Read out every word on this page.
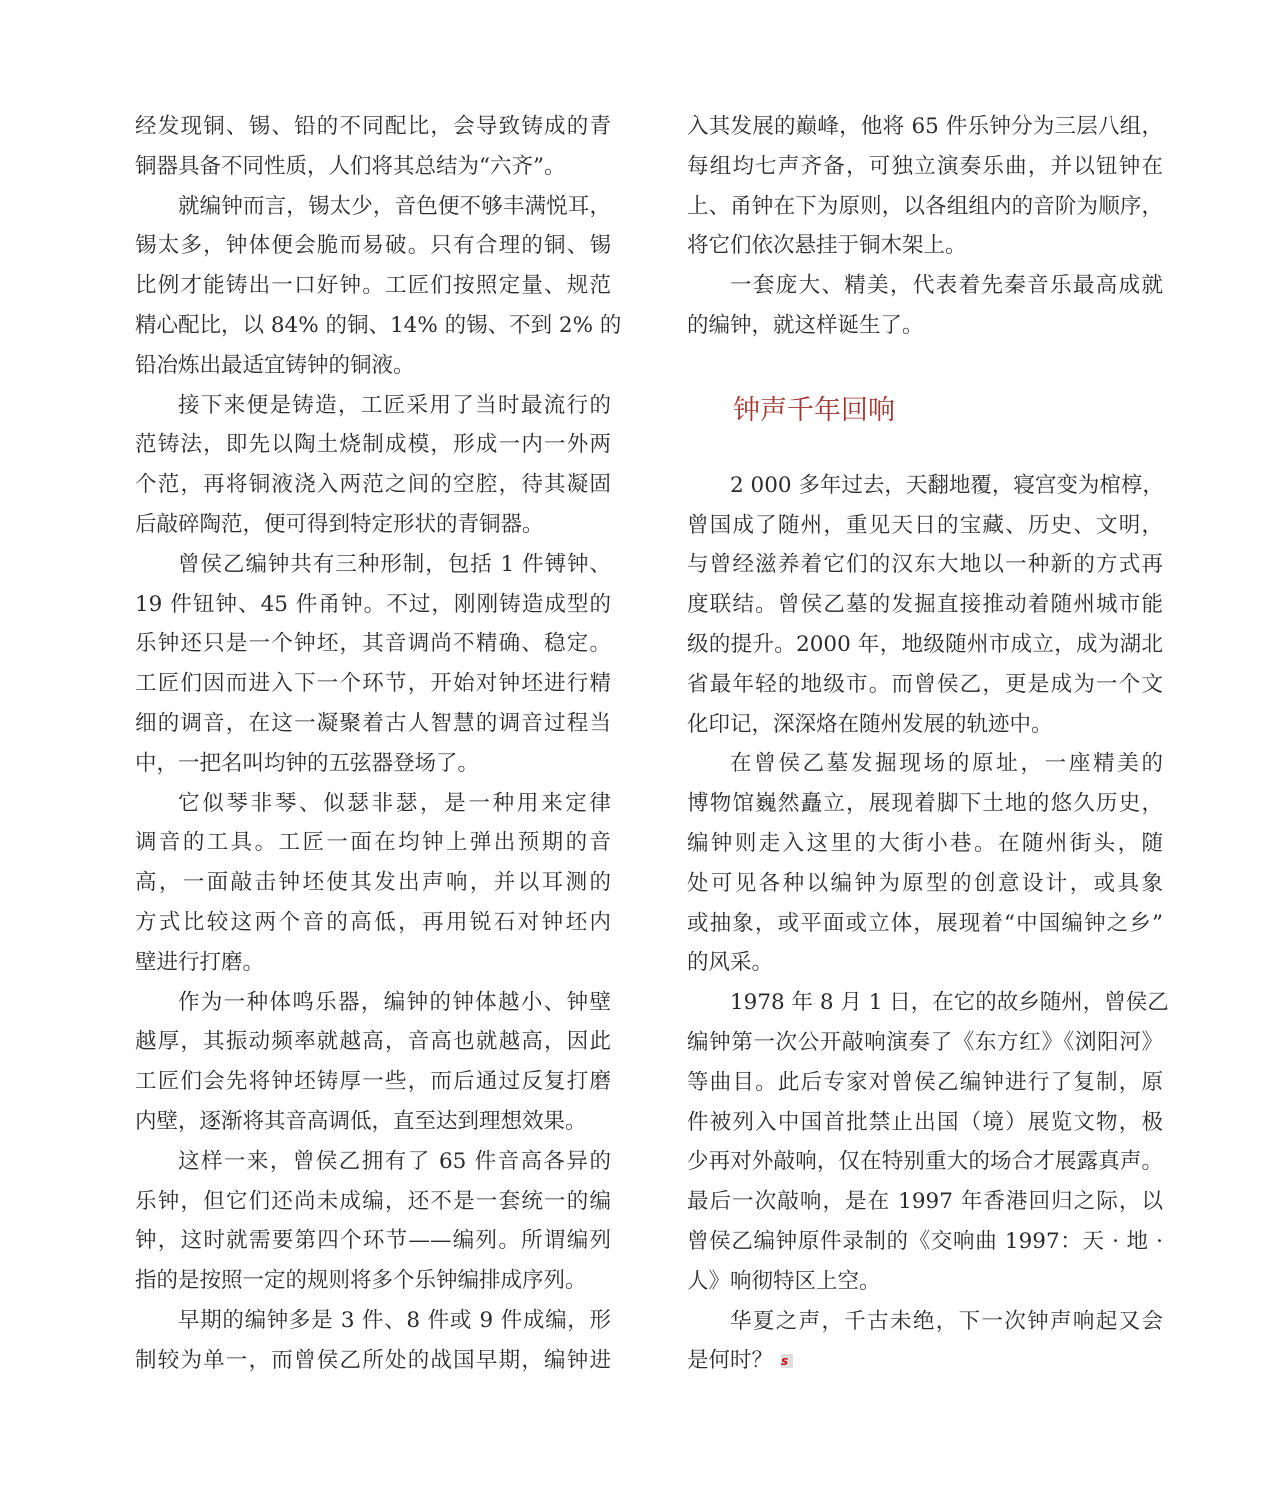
经发现铜、锡、铅的不同配比，会导致铸成的青
铜器具备不同性质，人们将其总结为“六齐”。
就编钟而言，锡太少，音色便不够丰满悦耳，
锡太多，钟体便会脆而易破。只有合理的铜、锡
比例才能铸出一口好钟。工匠们按照定量、规范
精心配比，以 84% 的铜、14% 的锡、不到 2% 的
铅冶炼出最适宜铸钟的铜液。
接下来便是铸造，工匠采用了当时最流行的
范铸法，即先以陶土烧制成模，形成一内一外两
个范，再将铜液浇入两范之间的空腔，待其凝固
后敲碎陶范，便可得到特定形状的青铜器。
曾侯乙编钟共有三种形制，包括 1 件镈钟、
19 件钮钟、45 件甬钟。不过，刚刚铸造成型的
乐钟还只是一个钟坯，其音调尚不精确、稳定。
工匠们因而进入下一个环节，开始对钟坯进行精
细的调音，在这一凝聚着古人智慧的调音过程当
中，一把名叫均钟的五弦器登场了。
它似琴非琴、似瑟非瑟，是一种用来定律
调音的工具。工匠一面在均钟上弹出预期的音
高，一面敲击钟坯使其发出声响，并以耳测的
方式比较这两个音的高低，再用锐石对钟坯内
壁进行打磨。
作为一种体鸣乐器，编钟的钟体越小、钟壁
越厚，其振动频率就越高，音高也就越高，因此
工匠们会先将钟坯铸厚一些，而后通过反复打磨
内壁，逐渐将其音高调低，直至达到理想效果。
这样一来，曾侯乙拥有了 65 件音高各异的
乐钟，但它们还尚未成编，还不是一套统一的编
钟，这时就需要第四个环节——编列。所谓编列
指的是按照一定的规则将多个乐钟编排成序列。
早期的编钟多是 3 件、8 件或 9 件成编，形
制较为单一，而曾侯乙所处的战国早期，编钟进
入其发展的巅峰，他将 65 件乐钟分为三层八组，
每组均七声齐备，可独立演奏乐曲，并以钮钟在
上、甬钟在下为原则，以各组组内的音阶为顺序，
将它们依次悬挂于铜木架上。
一套庞大、精美，代表着先秦音乐最高成就
的编钟，就这样诞生了。
钟声千年回响
2 000 多年过去，天翻地覆，寝宫变为棺椁，
曾国成了随州，重见天日的宝藏、历史、文明，
与曾经滋养着它们的汉东大地以一种新的方式再
度联结。曾侯乙墓的发掘直接推动着随州城市能
级的提升。2000 年，地级随州市成立，成为湖北
省最年轻的地级市。而曾侯乙，更是成为一个文
化印记，深深烙在随州发展的轨迹中。
在曾侯乙墓发掘现场的原址，一座精美的
博物馆巍然矗立，展现着脚下土地的悠久历史，
编钟则走入这里的大街小巷。在随州街头，随
处可见各种以编钟为原型的创意设计，或具象
或抽象，或平面或立体，展现着“中国编钟之乡”
的风采。
1978 年 8 月 1 日，在它的故乡随州，曾侯乙
编钟第一次公开敲响演奏了《东方红》《浏阳河》
等曲目。此后专家对曾侯乙编钟进行了复制，原
件被列入中国首批禁止出国（境）展览文物，极
少再对外敲响，仅在特别重大的场合才展露真声。
最后一次敲响，是在 1997 年香港回归之际，以
曾侯乙编钟原件录制的《交响曲 1997：天 · 地 ·
人》响彻特区上空。
华夏之声，千古未绝，下一次钟声响起又会
是何时？ s
